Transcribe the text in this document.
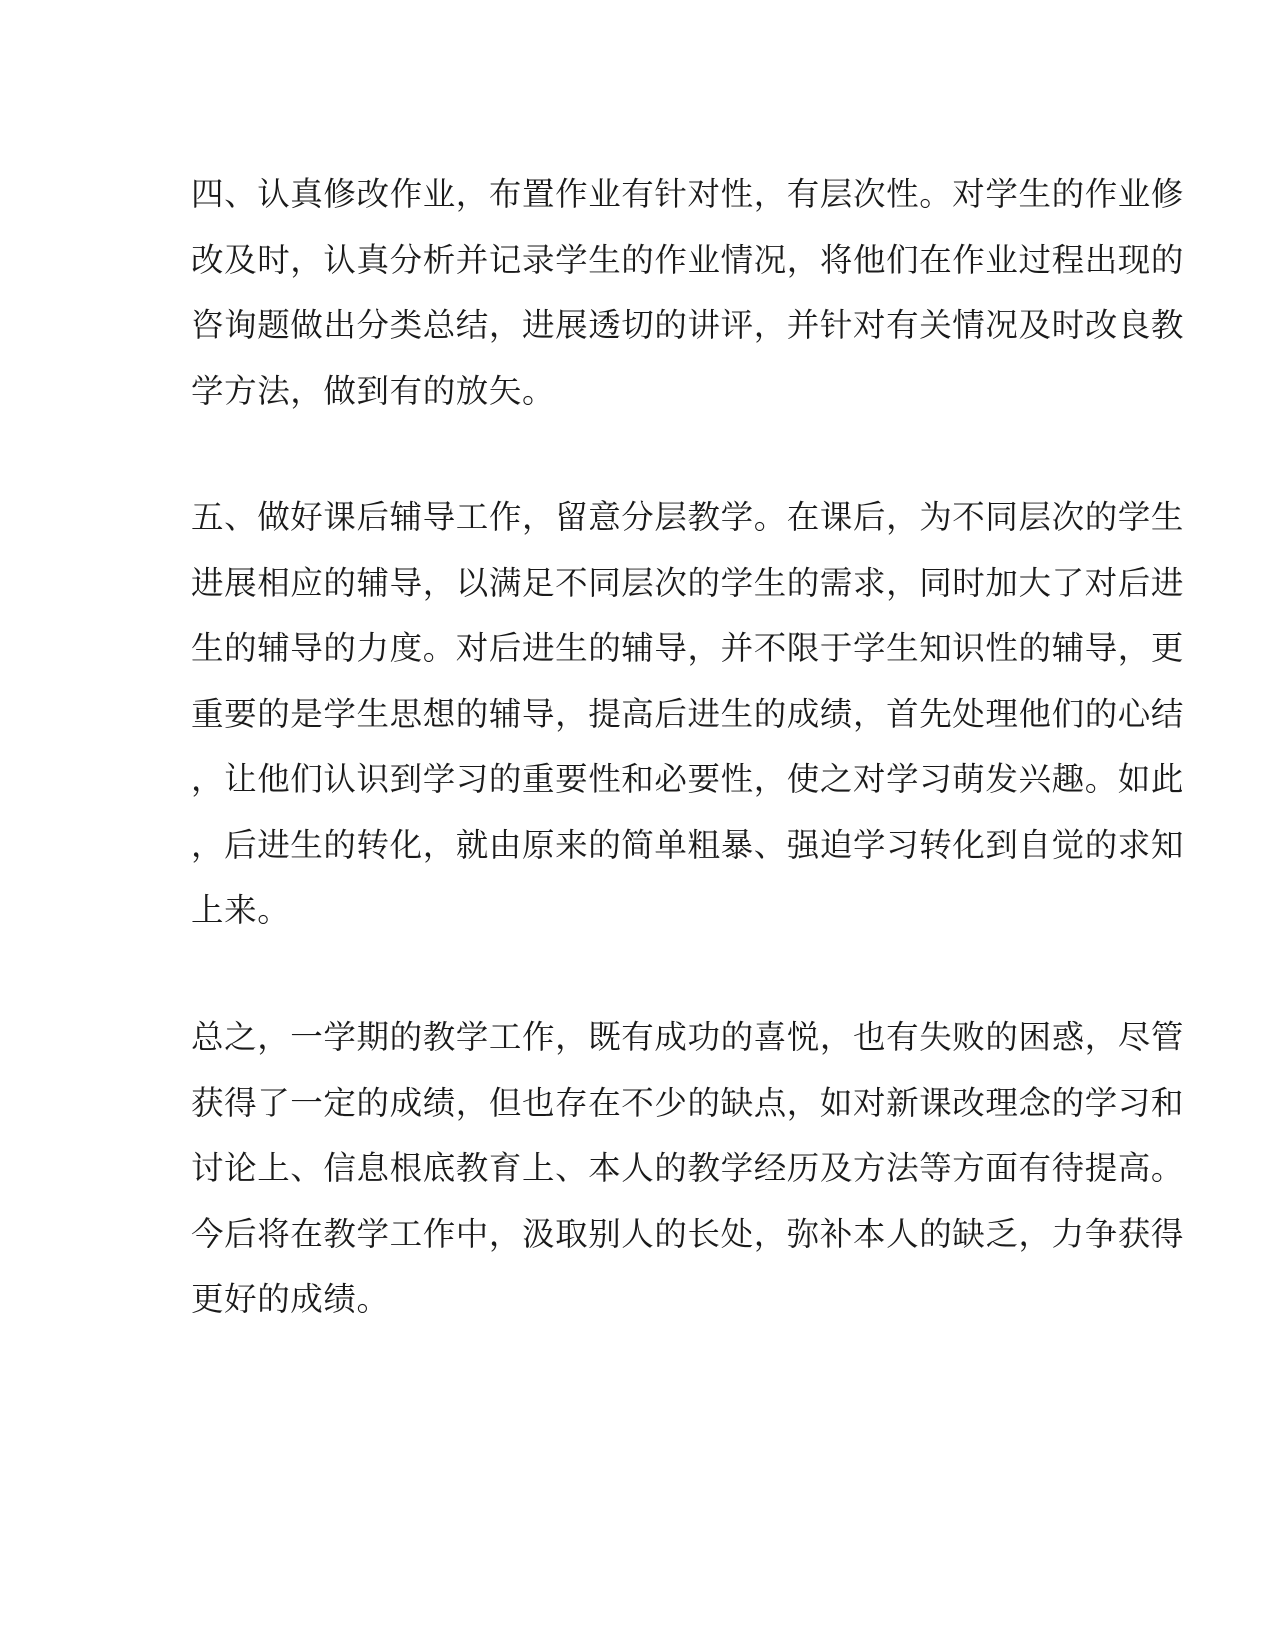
四、认真修改作业，布置作业有针对性，有层次性。对学生的作业修
改及时，认真分析并记录学生的作业情况，将他们在作业过程出现的
咨询题做出分类总结，进展透切的讲评，并针对有关情况及时改良教
学方法，做到有的放矢。
五、做好课后辅导工作，留意分层教学。在课后，为不同层次的学生
进展相应的辅导，以满足不同层次的学生的需求，同时加大了对后进
生的辅导的力度。对后进生的辅导，并不限于学生知识性的辅导，更
重要的是学生思想的辅导，提高后进生的成绩，首先处理他们的心结
，让他们认识到学习的重要性和必要性，使之对学习萌发兴趣。如此
，后进生的转化，就由原来的简单粗暴、强迫学习转化到自觉的求知
上来。
总之，一学期的教学工作，既有成功的喜悦，也有失败的困惑，尽管
获得了一定的成绩，但也存在不少的缺点，如对新课改理念的学习和
讨论上、信息根底教育上、本人的教学经历及方法等方面有待提高。
今后将在教学工作中，汲取别人的长处，弥补本人的缺乏，力争获得
更好的成绩。
